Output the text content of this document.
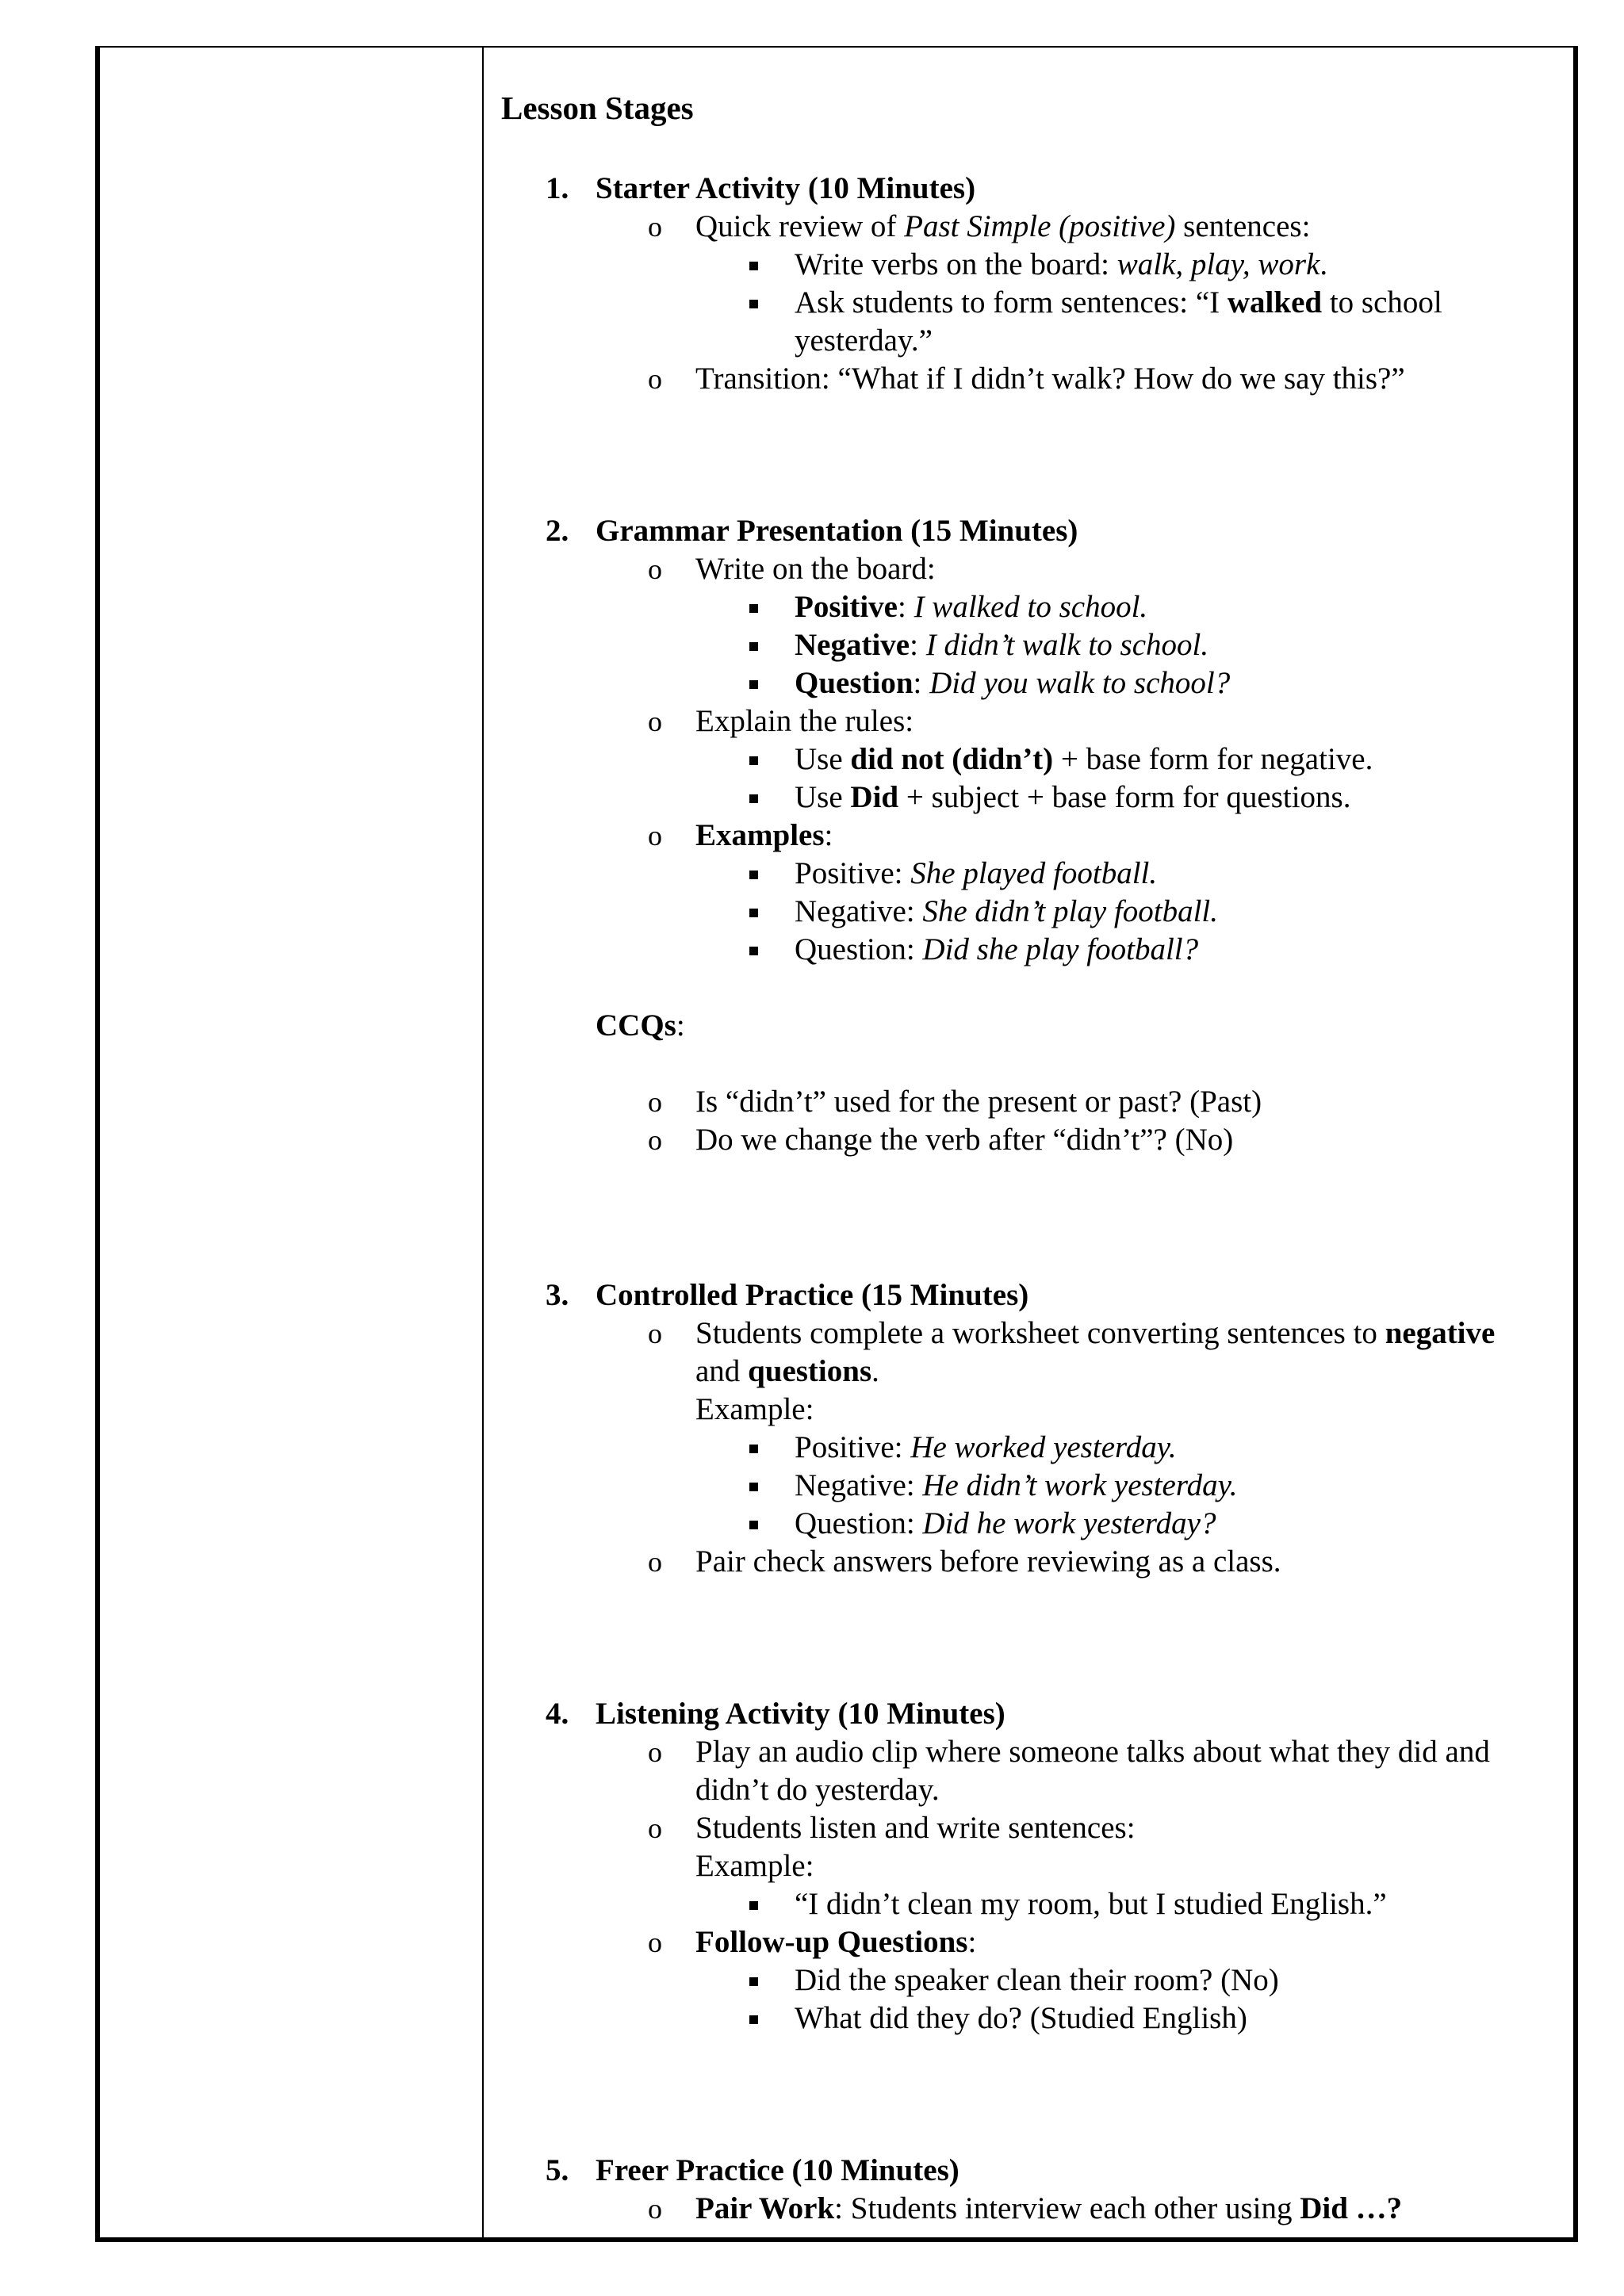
Lesson Stages
1. Starter Activity (10 Minutes)
o Quick review of Past Simple (positive) sentences:
Write verbs on the board: walk, play, work.
Ask students to form sentences: “I walked to school
yesterday.”
o Transition: “What if I didn’t walk? How do we say this?”
2. Grammar Presentation (15 Minutes)
o Write on the board:
Positive: I walked to school.
Negative: I didn’t walk to school.
Question: Did you walk to school?
o Explain the rules:
Use did not (didn’t) + base form for negative.
Use Did + subject + base form for questions.
o Examples:
Positive: She played football.
Negative: She didn’t play football.
Question: Did she play football?
CCQs:
o Is “didn’t” used for the present or past? (Past)
o Do we change the verb after “didn’t”? (No)
3. Controlled Practice (15 Minutes)
o Students complete a worksheet converting sentences to negative
and questions.
Example:
Positive: He worked yesterday.
Negative: He didn’t work yesterday.
Question: Did he work yesterday?
o Pair check answers before reviewing as a class.
4. Listening Activity (10 Minutes)
o Play an audio clip where someone talks about what they did and
didn’t do yesterday.
o Students listen and write sentences:
Example:
“I didn’t clean my room, but I studied English.”
o Follow-up Questions:
Did the speaker clean their room? (No)
What did they do? (Studied English)
5. Freer Practice (10 Minutes)
o Pair Work: Students interview each other using Did …?
